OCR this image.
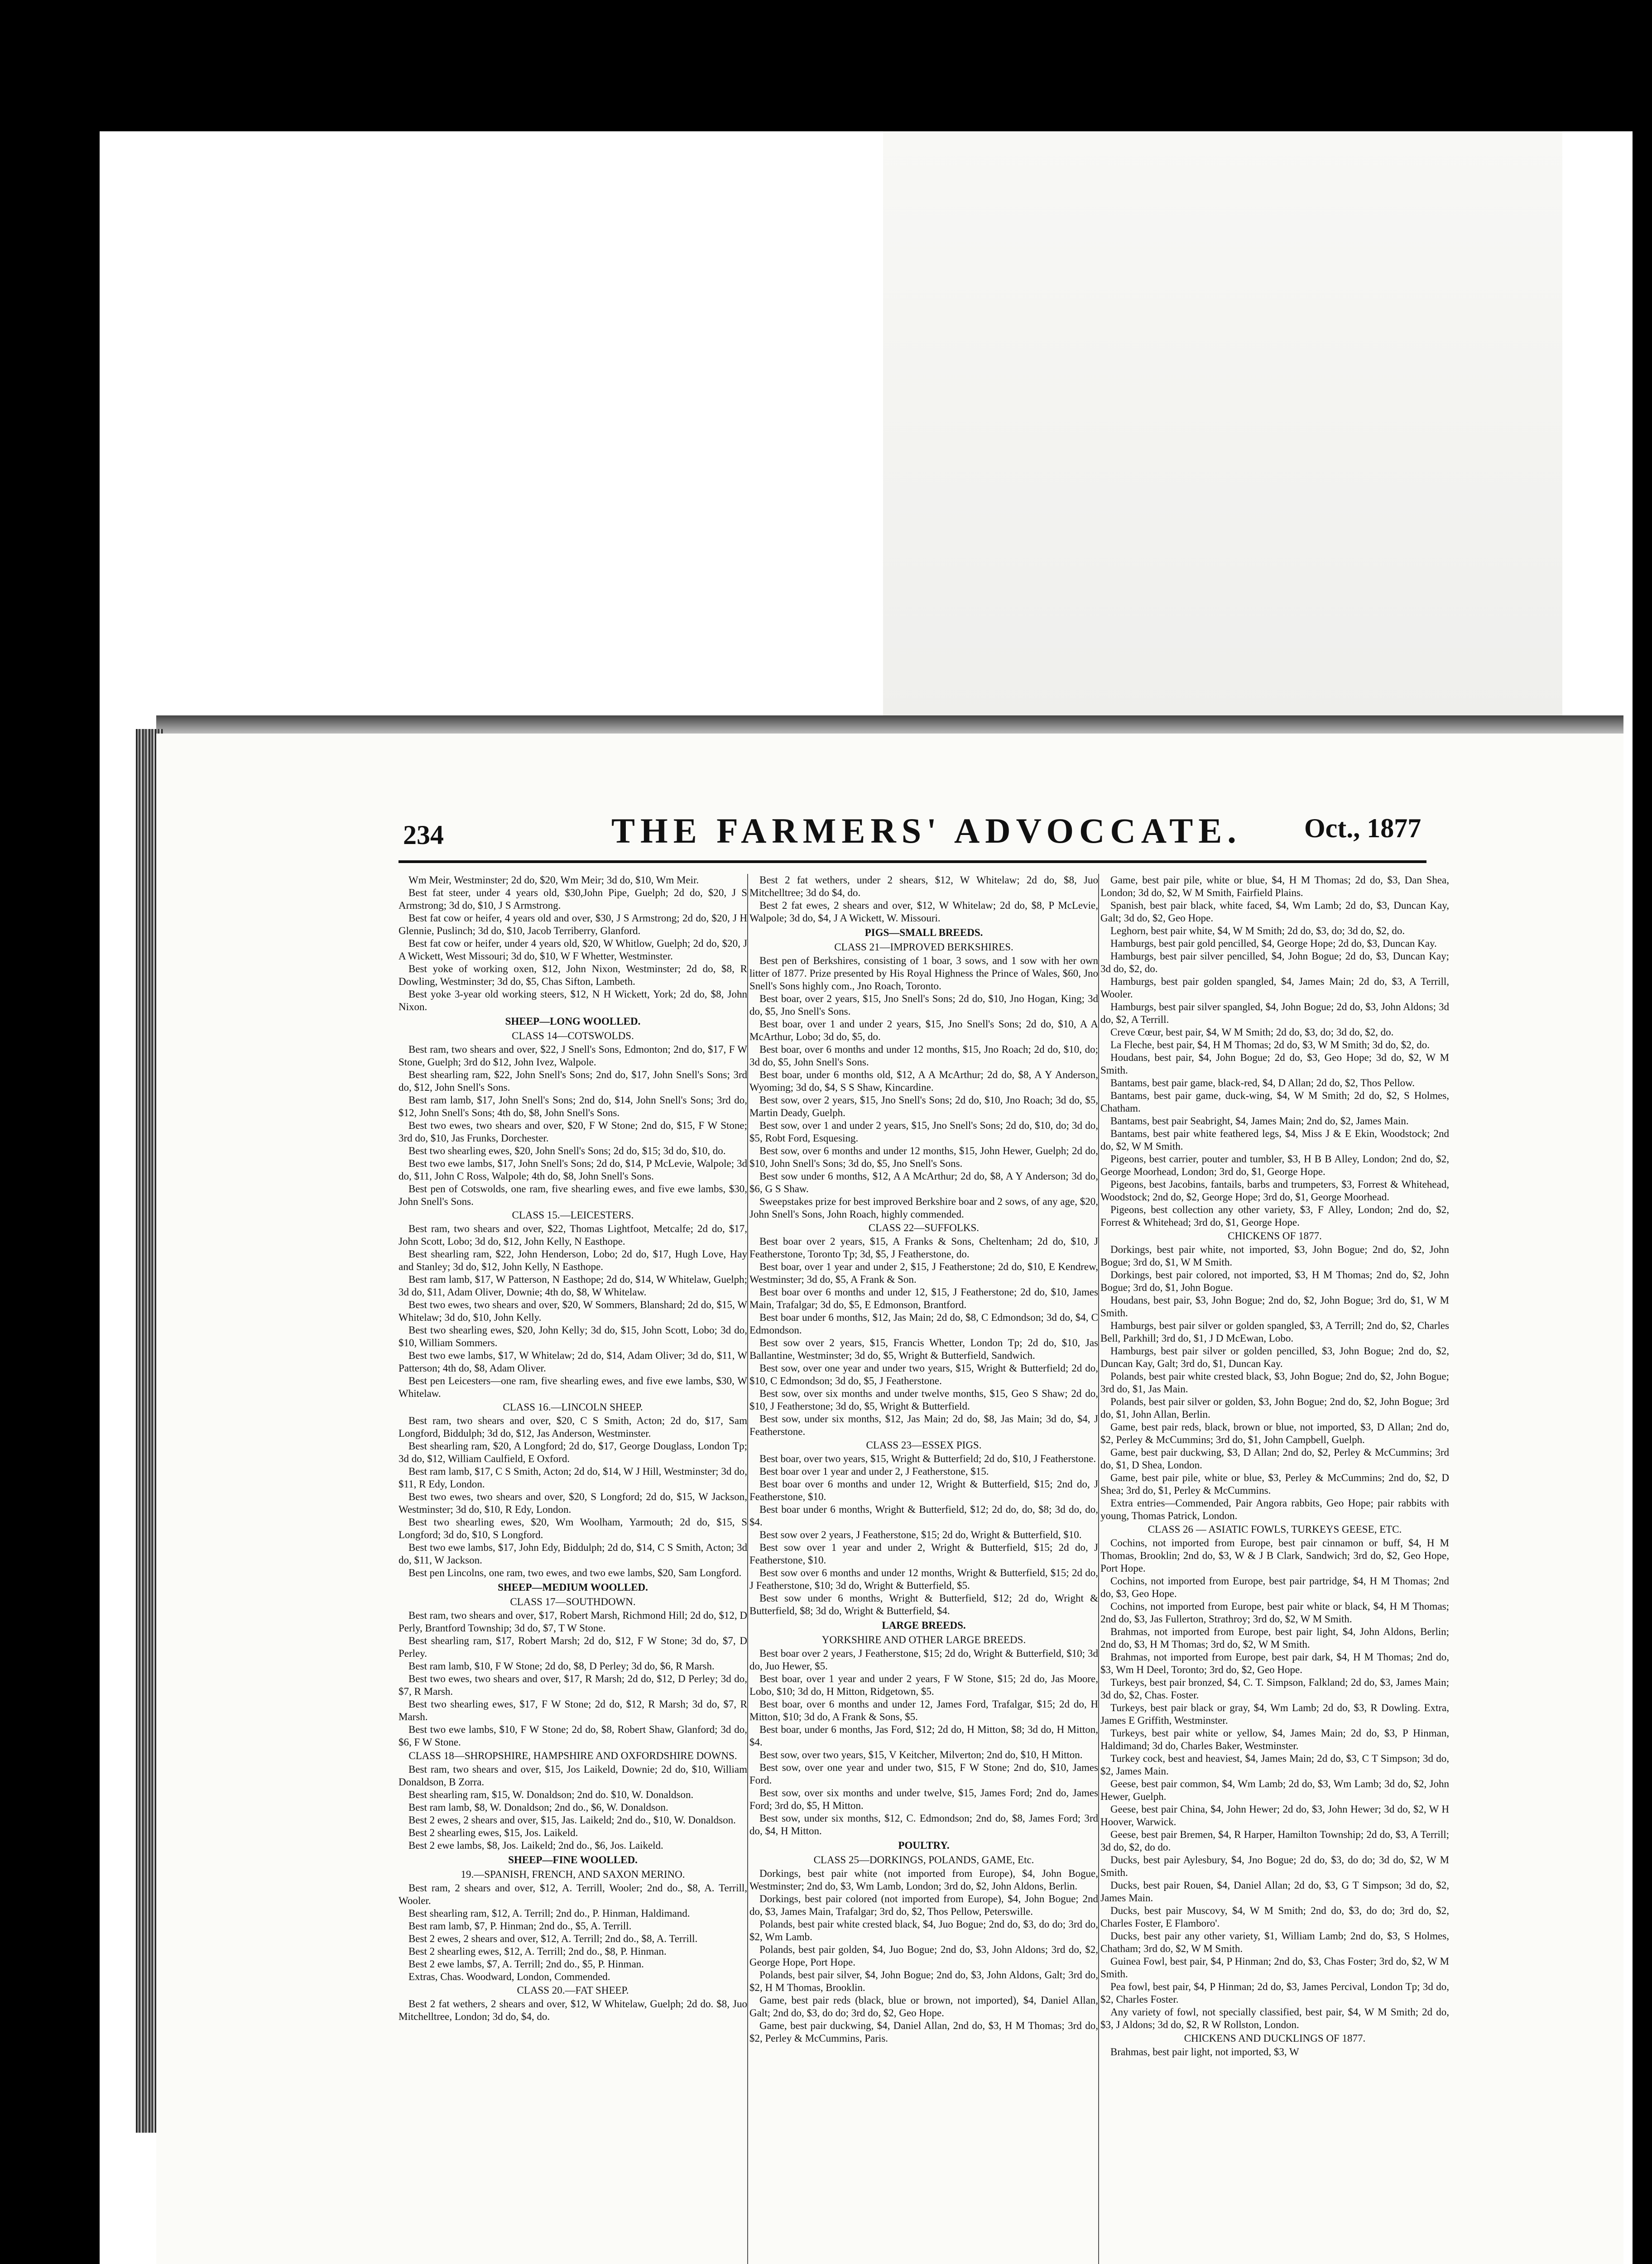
234	THE FARMERS' ADVOCCATE. Oct., 1877

Wm Meir, Westminster; 2d do, $20, Wm Meir; 3d do, $10, Wm Meir.

Best fat steer, under 4 years old, $30,John Pipe, Guelph; 2d do, $20, J S Armstrong; 3d do, $10, J S Armstrong.

Best fat cow or heifer, 4 years old and over, $30, J S Armstrong; 2d do, $20, J H Glennie, Puslinch; 3d do, $10, Jacob Terriberry, Glanford.

Best fat cow or heifer, under 4 years old, $20, W Whitlow, Guelph; 2d do, $20, J A Wickett, West Missouri; 3d do, $10, W F Whetter, Westminster.

Best yoke of working oxen, $12, John Nixon, Westminster; 2d do, $8, R Dowling, Westminster; 3d do, $5, Chas Sifton, Lambeth.

Best yoke 3-year old working steers, $12, N H Wickett, York; 2d do, $8, John Nixon.

SHEEP—LONG WOOLLED.

CLASS 14—COTSWOLDS.

Best ram, two shears and over, $22, J Snell's Sons, Edmonton; 2nd do, $17, F W Stone, Guelph; 3rd do $12, John Ivez, Walpole.

Best shearling ram, $22, John Snell's Sons; 2nd do, $17, John Snell's Sons; 3rd do, $12, John Snell's Sons.

Best ram lamb, $17, John Snell's Sons; 2nd do, $14, John Snell's Sons; 3rd do, $12, John Snell's Sons; 4th do, $8, John Snell's Sons.

Best two ewes, two shears and over, $20, F W Stone; 2nd do, $15, F W Stone; 3rd do, $10, Jas Frunks, Dorchester.

Best two shearling ewes, $20, John Snell's Sons; 2d do, $15; 3d do, $10, do.

Best two ewe lambs, $17, John Snell's Sons; 2d do, $14, P McLevie, Walpole; 3d do, $11, John C Ross, Walpole; 4th do, $8, John Snell's Sons.

Best pen of Cotswolds, one ram, five shearling ewes, and five ewe lambs, $30, John Snell's Sons.

CLASS 15.—LEICESTERS.

Best ram, two shears and over, $22, Thomas Lightfoot, Metcalfe; 2d do, $17, John Scott, Lobo; 3d do, $12, John Kelly, N Easthope.

Best shearling ram, $22, John Henderson, Lobo; 2d do, $17, Hugh Love, Hay and Stanley; 3d do, $12, John Kelly, N Easthope.

Best ram lamb, $17, W Patterson, N Easthope; 2d do, $14, W Whitelaw, Guelph; 3d do, $11, Adam Oliver, Downie; 4th do, $8, W Whitelaw.

Best two ewes, two shears and over, $20, W Sommers, Blanshard; 2d do, $15, W Whitelaw; 3d do, $10, John Kelly.

Best two shearling ewes, $20, John Kelly; 3d do, $15, John Scott, Lobo; 3d do, $10, William Sommers.

Best two ewe lambs, $17, W Whitelaw; 2d do, $14, Adam Oliver; 3d do, $11, W Patterson; 4th do, $8, Adam Oliver.

Best pen Leicesters—one ram, five shearling ewes, and five ewe lambs, $30, W Whitelaw.

CLASS 16.—LINCOLN SHEEP.

Best ram, two shears and over, $20, C S Smith, Acton; 2d do, $17, Sam Longford, Biddulph; 3d do, $12, Jas Anderson, Westminster.

Best shearling ram, $20, A Longford; 2d do, $17, George Douglass, London Tp; 3d do, $12, William Caulfield, E Oxford.

Best ram lamb, $17, C S Smith, Acton; 2d do, $14, W J Hill, Westminster; 3d do, $11, R Edy, London.

Best two ewes, two shears and over, $20, S Longford; 2d do, $15, W Jackson, Westminster; 3d do, $10, R Edy, London.

Best two shearling ewes, $20, Wm Woolham, Yarmouth; 2d do, $15, S Longford; 3d do, $10, S Longford.

Best two ewe lambs, $17, John Edy, Biddulph; 2d do, $14, C S Smith, Acton; 3d do, $11, W Jackson.

Best pen Lincolns, one ram, two ewes, and two ewe lambs, $20, Sam Longford.

SHEEP—MEDIUM WOOLLED.

CLASS 17—SOUTHDOWN.

Best ram, two shears and over, $17, Robert Marsh, Richmond Hill; 2d do, $12, D Perly, Brantford Township; 3d do, $7, T W Stone.

Best shearling ram, $17, Robert Marsh; 2d do, $12, F W Stone; 3d do, $7, D Perley.

Best ram lamb, $10, F W Stone; 2d do, $8, D Perley; 3d do, $6, R Marsh.

Best two ewes, two shears and over, $17, R Marsh; 2d do, $12, D Perley; 3d do, $7, R Marsh.

Best two shearling ewes, $17, F W Stone; 2d do, $12, R Marsh; 3d do, $7, R Marsh.

Best two ewe lambs, $10, F W Stone; 2d do, $8, Robert Shaw, Glanford; 3d do, $6, F W Stone.

CLASS 18—SHROPSHIRE, HAMPSHIRE AND OXFORDSHIRE DOWNS.

Best ram, two shears and over, $15, Jos Laikeld, Downie; 2d do, $10, William Donaldson, B Zorra.

Best shearling ram, $15, W. Donaldson; 2nd do. $10, W. Donaldson.

Best ram lamb, $8, W. Donaldson; 2nd do., $6, W. Donaldson.

Best 2 ewes, 2 shears and over, $15, Jas. Laikeld; 2nd do., $10, W. Donaldson.

Best 2 shearling ewes, $15, Jos. Laikeld.

Best 2 ewe lambs, $8, Jos. Laikeld; 2nd do., $6, Jos. Laikeld.

SHEEP—FINE WOOLLED.

19.—SPANISH, FRENCH, AND SAXON MERINO.

Best ram, 2 shears and over, $12, A. Terrill, Wooler; 2nd do., $8, A. Terrill, Wooler.

Best shearling ram, $12, A. Terrill; 2nd do., P. Hinman, Haldimand.

Best ram lamb, $7, P. Hinman; 2nd do., $5, A. Terrill.

Best 2 ewes, 2 shears and over, $12, A. Terrill; 2nd do., $8, A. Terrill.

Best 2 shearling ewes, $12, A. Terrill; 2nd do., $8, P. Hinman.

Best 2 ewe lambs, $7, A. Terrill; 2nd do., $5, P. Hinman.

Extras, Chas. Woodward, London, Commended.

CLASS 20.—FAT SHEEP.

Best 2 fat wethers, 2 shears and over, $12, W Whitelaw, Guelph; 2d do. $8, Juo Mitchelltree, London; 3d do, $4, do.

Best 2 fat wethers, under 2 shears, $12, W Whitelaw; 2d do, $8, Juo Mitchelltree; 3d do $4, do.

Best 2 fat ewes, 2 shears and over, $12, W Whitelaw; 2d do, $8, P McLevie, Walpole; 3d do, $4, J A Wickett, W. Missouri.

PIGS—SMALL BREEDS.

CLASS 21—IMPROVED BERKSHIRES.

Best pen of Berkshires, consisting of 1 boar, 3 sows, and 1 sow with her own litter of 1877. Prize presented by His Royal Highness the Prince of Wales, $60, Jno Snell's Sons highly com., Jno Roach, Toronto.

Best boar, over 2 years, $15, Jno Snell's Sons; 2d do, $10, Jno Hogan, King; 3d do, $5, Jno Snell's Sons.

Best boar, over 1 and under 2 years, $15, Jno Snell's Sons; 2d do, $10, A A McArthur, Lobo; 3d do, $5, do.

Best boar, over 6 months and under 12 months, $15, Jno Roach; 2d do, $10, do; 3d do, $5, John Snell's Sons.

Best boar, under 6 months old, $12, A A McArthur; 2d do, $8, A Y Anderson, Wyoming; 3d do, $4, S S Shaw, Kincardine.

Best sow, over 2 years, $15, Jno Snell's Sons; 2d do, $10, Jno Roach; 3d do, $5, Martin Deady, Guelph.

Best sow, over 1 and under 2 years, $15, Jno Snell's Sons; 2d do, $10, do; 3d do, $5, Robt Ford, Esquesing.

Best sow, over 6 months and under 12 months, $15, John Hewer, Guelph; 2d do, $10, John Snell's Sons; 3d do, $5, Jno Snell's Sons.

Best sow under 6 months, $12, A A McArthur; 2d do, $8, A Y Anderson; 3d do, $6, G S Shaw.

Sweepstakes prize for best improved Berkshire boar and 2 sows, of any age, $20, John Snell's Sons, John Roach, highly commended.

CLASS 22—SUFFOLKS.

Best boar over 2 years, $15, A Franks & Sons, Cheltenham; 2d do, $10, J Featherstone, Toronto Tp; 3d, $5, J Featherstone, do.

Best boar, over 1 year and under 2, $15, J Featherstone; 2d do, $10, E Kendrew, Westminster; 3d do, $5, A Frank & Son.

Best boar over 6 months and under 12, $15, J Featherstone; 2d do, $10, James Main, Trafalgar; 3d do, $5, E Edmonson, Brantford.

Best boar under 6 months, $12, Jas Main; 2d do, $8, C Edmondson; 3d do, $4, C Edmondson.

Best sow over 2 years, $15, Francis Whetter, London Tp; 2d do, $10, Jas Ballantine, Westminster; 3d do, $5, Wright & Butterfield, Sandwich.

Best sow, over one year and under two years, $15, Wright & Butterfield; 2d do, $10, C Edmondson; 3d do, $5, J Featherstone.

Best sow, over six months and under twelve months, $15, Geo S Shaw; 2d do, $10, J Featherstone; 3d do, $5, Wright & Butterfield.

Best sow, under six months, $12, Jas Main; 2d do, $8, Jas Main; 3d do, $4, J Featherstone.

CLASS 23—ESSEX PIGS.

Best boar, over two years, $15, Wright & Butterfield; 2d do, $10, J Featherstone.

Best boar over 1 year and under 2, J Featherstone, $15.

Best boar over 6 months and under 12, Wright & Butterfield, $15; 2nd do, J Featherstone, $10.

Best boar under 6 months, Wright & Butterfield, $12; 2d do, do, $8; 3d do, do, $4.

Best sow over 2 years, J Featherstone, $15; 2d do, Wright & Butterfield, $10.

Best sow over 1 year and under 2, Wright & Butterfield, $15; 2d do, J Featherstone, $10.

Best sow over 6 months and under 12 months, Wright & Butterfield, $15; 2d do, J Featherstone, $10; 3d do, Wright & Butterfield, $5.

Best sow under 6 months, Wright & Butterfield, $12; 2d do, Wright & Butterfield, $8; 3d do, Wright & Butterfield, $4.

LARGE BREEDS.

YORKSHIRE AND OTHER LARGE BREEDS.

Best boar over 2 years, J Featherstone, $15; 2d do, Wright & Butterfield, $10; 3d do, Juo Hewer, $5.

Best boar, over 1 year and under 2 years, F W Stone, $15; 2d do, Jas Moore, Lobo, $10; 3d do, H Mitton, Ridgetown, $5.

Best boar, over 6 months and under 12, James Ford, Trafalgar, $15; 2d do, H Mitton, $10; 3d do, A Frank & Sons, $5.

Best boar, under 6 months, Jas Ford, $12; 2d do, H Mitton, $8; 3d do, H Mitton, $4.

Best sow, over two years, $15, V Keitcher, Milverton; 2nd do, $10, H Mitton.

Best sow, over one year and under two, $15, F W Stone; 2nd do, $10, James Ford.

Best sow, over six months and under twelve, $15, James Ford; 2nd do, James Ford; 3rd do, $5, H Mitton.

Best sow, under six months, $12, C. Edmondson; 2nd do, $8, James Ford; 3rd do, $4, H Mitton.

POULTRY.

CLASS 25—DORKINGS, POLANDS, GAME, Etc.

Dorkings, best pair white (not imported from Europe), $4, John Bogue, Westminster; 2nd do, $3, Wm Lamb, London; 3rd do, $2, John Aldons, Berlin.

Dorkings, best pair colored (not imported from Europe), $4, John Bogue; 2nd do, $3, James Main, Trafalgar; 3rd do, $2, Thos Pellow, Peterswille.

Polands, best pair white crested black, $4, Juo Bogue; 2nd do, $3, do do; 3rd do, $2, Wm Lamb.

Polands, best pair golden, $4, Juo Bogue; 2nd do, $3, John Aldons; 3rd do, $2, George Hope, Port Hope.

Polands, best pair silver, $4, John Bogue; 2nd do, $3, John Aldons, Galt; 3rd do, $2, H M Thomas, Brooklin.

Game, best pair reds (black, blue or brown, not imported), $4, Daniel Allan, Galt; 2nd do, $3, do do; 3rd do, $2, Geo Hope.

Game, best pair duckwing, $4, Daniel Allan, 2nd do, $3, H M Thomas; 3rd do, $2, Perley & McCummins, Paris.

Game, best pair pile, white or blue, $4, H M Thomas; 2d do, $3, Dan Shea, London; 3d do, $2, W M Smith, Fairfield Plains.

Spanish, best pair black, white faced, $4, Wm Lamb; 2d do, $3, Duncan Kay, Galt; 3d do, $2, Geo Hope.

Leghorn, best pair white, $4, W M Smith; 2d do, $3, do; 3d do, $2, do.

Hamburgs, best pair gold pencilled, $4, George Hope; 2d do, $3, Duncan Kay.

Hamburgs, best pair silver pencilled, $4, John Bogue; 2d do, $3, Duncan Kay; 3d do, $2, do.

Hamburgs, best pair golden spangled, $4, James Main; 2d do, $3, A Terrill, Wooler.

Hamburgs, best pair silver spangled, $4, John Bogue; 2d do, $3, John Aldons; 3d do, $2, A Terrill.

Creve Cœur, best pair, $4, W M Smith; 2d do, $3, do; 3d do, $2, do.

La Fleche, best pair, $4, H M Thomas; 2d do, $3, W M Smith; 3d do, $2, do.

Houdans, best pair, $4, John Bogue; 2d do, $3, Geo Hope; 3d do, $2, W M Smith.

Bantams, best pair game, black-red, $4, D Allan; 2d do, $2, Thos Pellow.

Bantams, best pair game, duck-wing, $4, W M Smith; 2d do, $2, S Holmes, Chatham.

Bantams, best pair Seabright, $4, James Main; 2nd do, $2, James Main.

Bantams, best pair white feathered legs, $4, Miss J & E Ekin, Woodstock; 2nd do, $2, W M Smith.

Pigeons, best carrier, pouter and tumbler, $3, H B B Alley, London; 2nd do, $2, George Moorhead, London; 3rd do, $1, George Hope.

Pigeons, best Jacobins, fantails, barbs and trumpeters, $3, Forrest & Whitehead, Woodstock; 2nd do, $2, George Hope; 3rd do, $1, George Moorhead.

Pigeons, best collection any other variety, $3, F Alley, London; 2nd do, $2, Forrest & Whitehead; 3rd do, $1, George Hope.

CHICKENS OF 1877.

Dorkings, best pair white, not imported, $3, John Bogue; 2nd do, $2, John Bogue; 3rd do, $1, W M Smith.

Dorkings, best pair colored, not imported, $3, H M Thomas; 2nd do, $2, John Bogue; 3rd do, $1, John Bogue.

Houdans, best pair, $3, John Bogue; 2nd do, $2, John Bogue; 3rd do, $1, W M Smith.

Hamburgs, best pair silver or golden spangled, $3, A Terrill; 2nd do, $2, Charles Bell, Parkhill; 3rd do, $1, J D McEwan, Lobo.

Hamburgs, best pair silver or golden pencilled, $3, John Bogue; 2nd do, $2, Duncan Kay, Galt; 3rd do, $1, Duncan Kay.

Polands, best pair white crested black, $3, John Bogue; 2nd do, $2, John Bogue; 3rd do, $1, Jas Main.

Polands, best pair silver or golden, $3, John Bogue; 2nd do, $2, John Bogue; 3rd do, $1, John Allan, Berlin.

Game, best pair reds, black, brown or blue, not imported, $3, D Allan; 2nd do, $2, Perley & McCummins; 3rd do, $1, John Campbell, Guelph.

Game, best pair duckwing, $3, D Allan; 2nd do, $2, Perley & McCummins; 3rd do, $1, D Shea, London.

Game, best pair pile, white or blue, $3, Perley & McCummins; 2nd do, $2, D Shea; 3rd do, $1, Perley & McCummins.

Extra entries—Commended, Pair Angora rabbits, Geo Hope; pair rabbits with young, Thomas Patrick, London.

CLASS 26 — ASIATIC FOWLS, TURKEYS GEESE, ETC.

Cochins, not imported from Europe, best pair cinnamon or buff, $4, H M Thomas, Brooklin; 2nd do, $3, W & J B Clark, Sandwich; 3rd do, $2, Geo Hope, Port Hope.

Cochins, not imported from Europe, best pair partridge, $4, H M Thomas; 2nd do, $3, Geo Hope.

Cochins, not imported from Europe, best pair white or black, $4, H M Thomas; 2nd do, $3, Jas Fullerton, Strathroy; 3rd do, $2, W M Smith.

Brahmas, not imported from Europe, best pair light, $4, John Aldons, Berlin; 2nd do, $3, H M Thomas; 3rd do, $2, W M Smith.

Brahmas, not imported from Europe, best pair dark, $4, H M Thomas; 2nd do, $3, Wm H Deel, Toronto; 3rd do, $2, Geo Hope.

Turkeys, best pair bronzed, $4, C. T. Simpson, Falkland; 2d do, $3, James Main; 3d do, $2, Chas. Foster.

Turkeys, best pair black or gray, $4, Wm Lamb; 2d do, $3, R Dowling. Extra, James E Griffith, Westminster.

Turkeys, best pair white or yellow, $4, James Main; 2d do, $3, P Hinman, Haldimand; 3d do, Charles Baker, Westminster.

Turkey cock, best and heaviest, $4, James Main; 2d do, $3, C T Simpson; 3d do, $2, James Main.

Geese, best pair common, $4, Wm Lamb; 2d do, $3, Wm Lamb; 3d do, $2, John Hewer, Guelph.

Geese, best pair China, $4, John Hewer; 2d do, $3, John Hewer; 3d do, $2, W H Hoover, Warwick.

Geese, best pair Bremen, $4, R Harper, Hamilton Township; 2d do, $3, A Terrill; 3d do, $2, do do.

Ducks, best pair Aylesbury, $4, Jno Bogue; 2d do, $3, do do; 3d do, $2, W M Smith.

Ducks, best pair Rouen, $4, Daniel Allan; 2d do, $3, G T Simpson; 3d do, $2, James Main.

Ducks, best pair Muscovy, $4, W M Smith; 2nd do, $3, do do; 3rd do, $2, Charles Foster, E Flamboro'.

Ducks, best pair any other variety, $1, William Lamb; 2nd do, $3, S Holmes, Chatham; 3rd do, $2, W M Smith.

Guinea Fowl, best pair, $4, P Hinman; 2nd do, $3, Chas Foster; 3rd do, $2, W M Smith.

Pea fowl, best pair, $4, P Hinman; 2d do, $3, James Percival, London Tp; 3d do, $2, Charles Foster.

Any variety of fowl, not specially classified, best pair, $4, W M Smith; 2d do, $3, J Aldons; 3d do, $2, R W Rollston, London.

CHICKENS AND DUCKLINGS OF 1877.

Brahmas, best pair light, not imported, $3, W
